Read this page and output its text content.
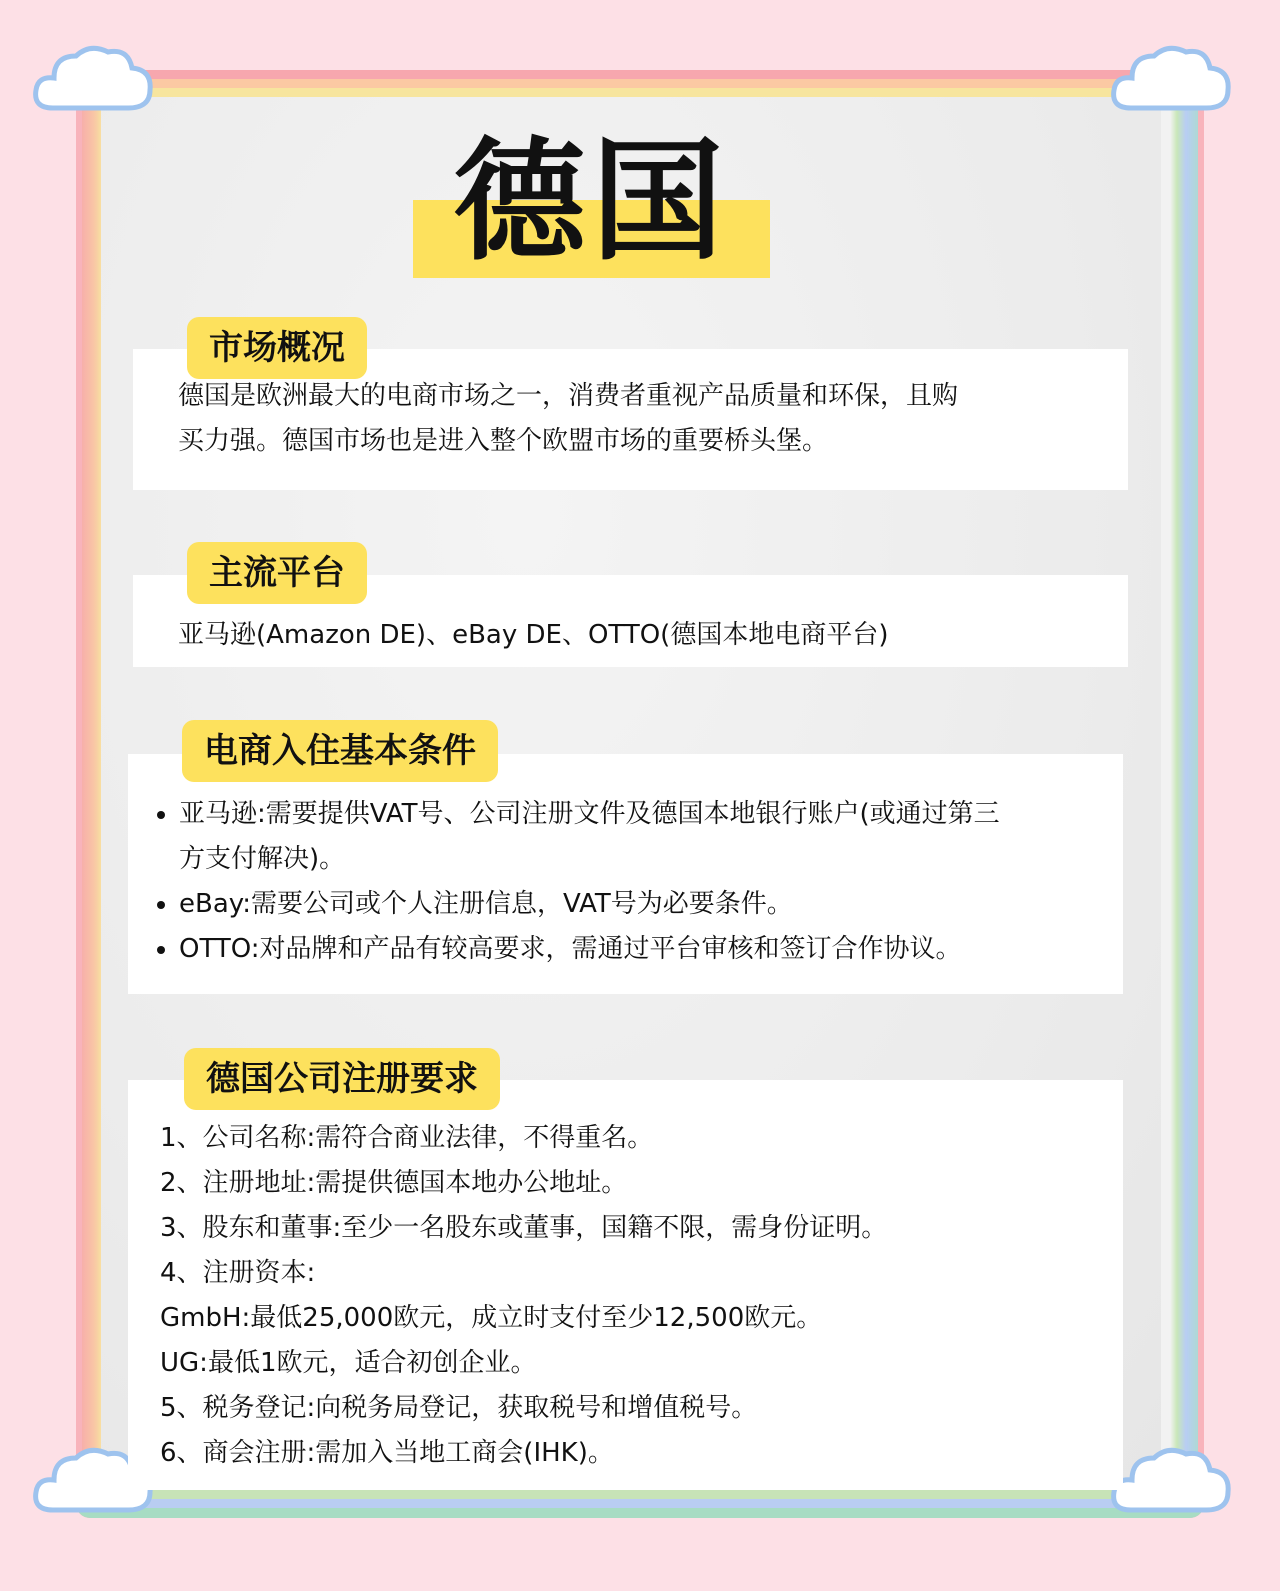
德国

德国是欧洲最大的电商市场之一，消费者重视产品质量和环保，且购

买力强。德国市场也是进入整个欧盟市场的重要桥头堡。

市场概况

亚马逊(Amazon DE)、eBay DE、OTTO(德国本地电商平台)

主流平台
• 亚马逊:需要提供VAT号、公司注册文件及德国本地银行账户(或通过第三
方支付解决)。
• eBay:需要公司或个人注册信息，VAT号为必要条件。
• OTTO:对品牌和产品有较高要求，需通过平台审核和签订合作协议。
电商入住基本条件

1、公司名称:需符合商业法律，不得重名。

2、注册地址:需提供德国本地办公地址。

3、股东和董事:至少一名股东或董事，国籍不限，需身份证明。

4、注册资本:

GmbH:最低25,000欧元，成立时支付至少12,500欧元。

UG:最低1欧元，适合初创企业。

5、税务登记:向税务局登记，获取税号和增值税号。

6、商会注册:需加入当地工商会(IHK)。

德国公司注册要求
